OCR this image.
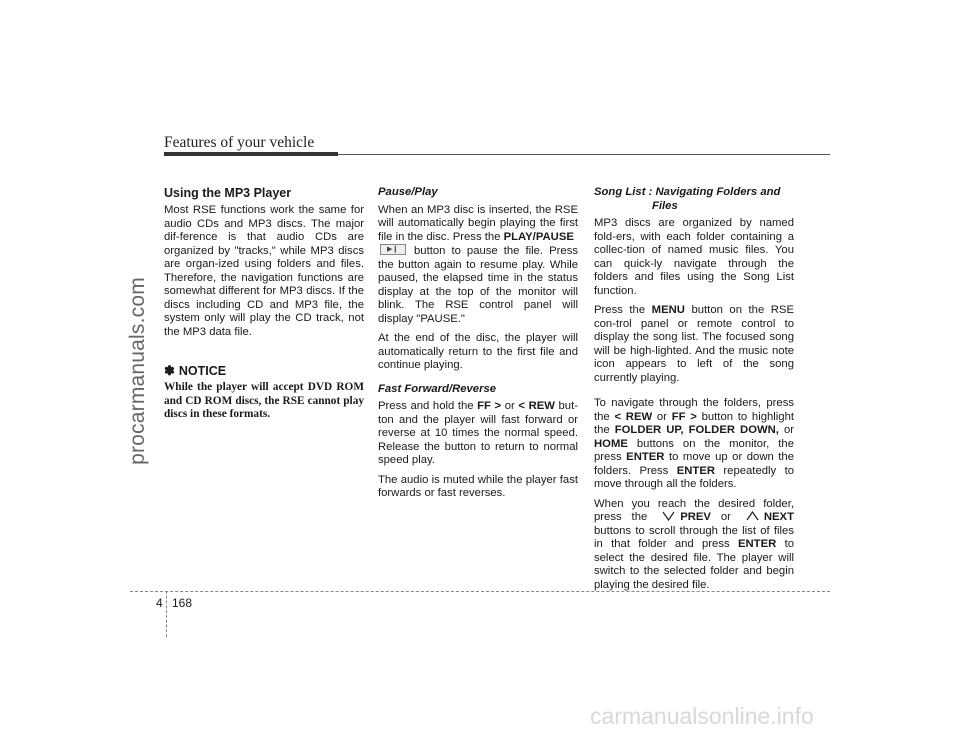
Features of your vehicle
procarmanuals.com
Using the MP3 Player

Most RSE functions work the same for audio CDs and MP3 discs. The major dif-ference is that audio CDs are organized by "tracks," while MP3 discs are organ-ized using folders and files. Therefore, the navigation functions are somewhat different for MP3 discs. If the discs including CD and MP3 file, the system only will play the CD track, not the MP3 data file.

✽ NOTICE
While the player will accept DVD ROM and CD ROM discs, the RSE cannot play discs in these formats.
Pause/Play

When an MP3 disc is inserted, the RSE will automatically begin playing the first file in the disc. Press the PLAY/PAUSE
▶❙button to pause the file. Press the button again to resume play. While paused, the elapsed time in the status display at the top of the monitor will blink. The RSE control panel will display "PAUSE."

At the end of the disc, the player will automatically return to the first file and continue playing.

Fast Forward/Reverse

Press and hold the FF > or < REW but-ton and the player will fast forward or reverse at 10 times the normal speed. Release the button to return to normal speed play.

The audio is muted while the player fast forwards or fast reverses.

Song List : Navigating Folders and
Files

MP3 discs are organized by named fold-ers, with each folder containing a collec-tion of named music files. You can quick-ly navigate through the folders and files using the Song List function.

Press the MENU button on the RSE con-trol panel or remote control to display the song list. The focused song will be high-lighted. And the music note icon appears to left of the song currently playing.

To navigate through the folders, press the < REW or FF > button to highlight the FOLDER UP, FOLDER DOWN, or HOME buttons on the monitor, the press ENTER to move up or down the folders. Press ENTER repeatedly to move through all the folders.

When you reach the desired folder, press the PREV or NEXT buttons to scroll through the list of files in that folder and press ENTER to select the desired file. The player will switch to the selected folder and begin playing the desired file.

4 168
carmanualsonline.info
